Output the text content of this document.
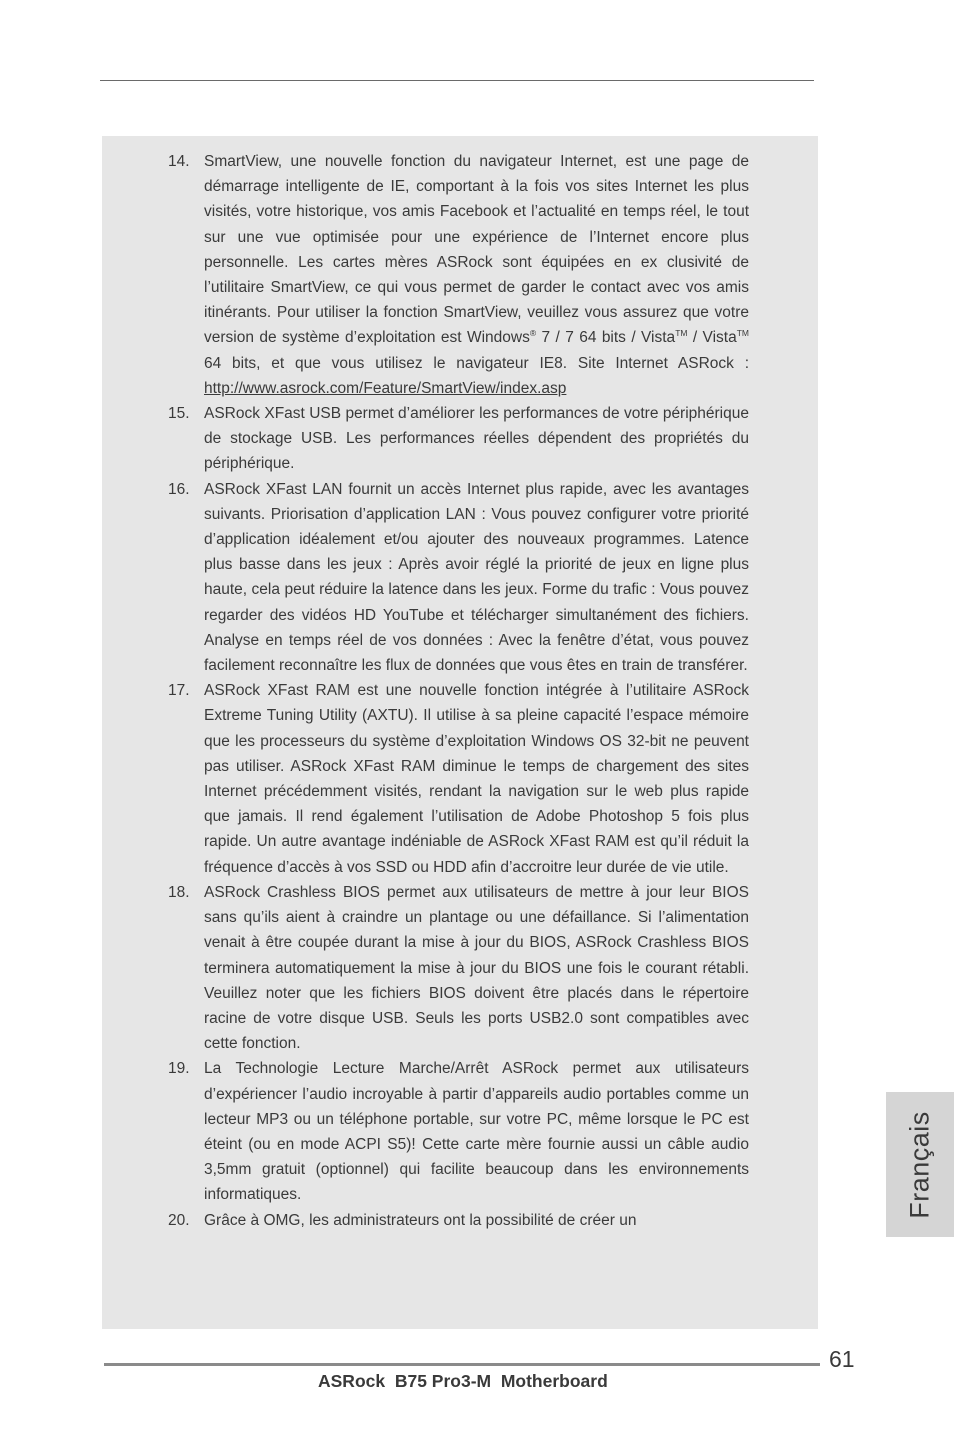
14. SmartView, une nouvelle fonction du navigateur Internet, est une page de démarrage intelligente de IE, comportant à la fois vos sites Internet les plus visités, votre historique, vos amis Facebook et l’actualité en temps réel, le tout sur une vue optimisée pour une expérience de l’Internet encore plus personnelle. Les cartes mères ASRock sont équipées en ex clusivité de l’utilitaire SmartView, ce qui vous permet de garder le contact avec vos amis itinérants. Pour utiliser la fonction SmartView, veuillez vous assurez que votre version de système d’exploitation est Windows® 7 / 7 64 bits / Vista™ / Vista™ 64 bits, et que vous utilisez le navigateur IE8. Site Internet ASRock : http://www.asrock.com/Feature/SmartView/index.asp
15. ASRock XFast USB permet d’améliorer les performances de votre périphérique de stockage USB. Les performances réelles dépendent des propriétés du périphérique.
16. ASRock XFast LAN fournit un accès Internet plus rapide, avec les avantages suivants. Priorisation d’application LAN : Vous pouvez configurer votre priorité d’application idéalement et/ou ajouter des nouveaux programmes. Latence plus basse dans les jeux : Après avoir réglé la priorité de jeux en ligne plus haute, cela peut réduire la latence dans les jeux. Forme du trafic : Vous pouvez regarder des vidéos HD YouTube et télécharger simultanément des fichiers. Analyse en temps réel de vos données : Avec la fenêtre d’état, vous pouvez facilement reconnaître les flux de données que vous êtes en train de transférer.
17. ASRock XFast RAM est une nouvelle fonction intégrée à l’utilitaire ASRock Extreme Tuning Utility (AXTU). Il utilise à sa pleine capacité l’espace mémoire que les processeurs du système d’exploitation Windows OS 32-bit ne peuvent pas utiliser. ASRock XFast RAM diminue le temps de chargement des sites Internet précédemment visités, rendant la navigation sur le web plus rapide que jamais. Il rend également l’utilisation de Adobe Photoshop 5 fois plus rapide. Un autre avantage indéniable de ASRock XFast RAM est qu’il réduit la fréquence d’accès à vos SSD ou HDD afin d’accroitre leur durée de vie utile.
18. ASRock Crashless BIOS permet aux utilisateurs de mettre à jour leur BIOS sans qu’ils aient à craindre un plantage ou une défaillance. Si l’alimentation venait à être coupée durant la mise à jour du BIOS, ASRock Crashless BIOS terminera automatiquement la mise à jour du BIOS une fois le courant rétabli. Veuillez noter que les fichiers BIOS doivent être placés dans le répertoire racine de votre disque USB. Seuls les ports USB2.0 sont compatibles avec cette fonction.
19. La Technologie Lecture Marche/Arrêt ASRock permet aux utilisateurs d’expériencer l’audio incroyable à partir d’appareils audio portables comme un lecteur MP3 ou un téléphone portable, sur votre PC, même lorsque le PC est éteint (ou en mode ACPI S5)! Cette carte mère fournie aussi un câble audio 3,5mm gratuit (optionnel) qui facilite beaucoup dans les environnements informatiques.
20. Grâce à OMG, les administrateurs ont la possibilité de créer un
Français
61
ASRock  B75 Pro3-M  Motherboard
